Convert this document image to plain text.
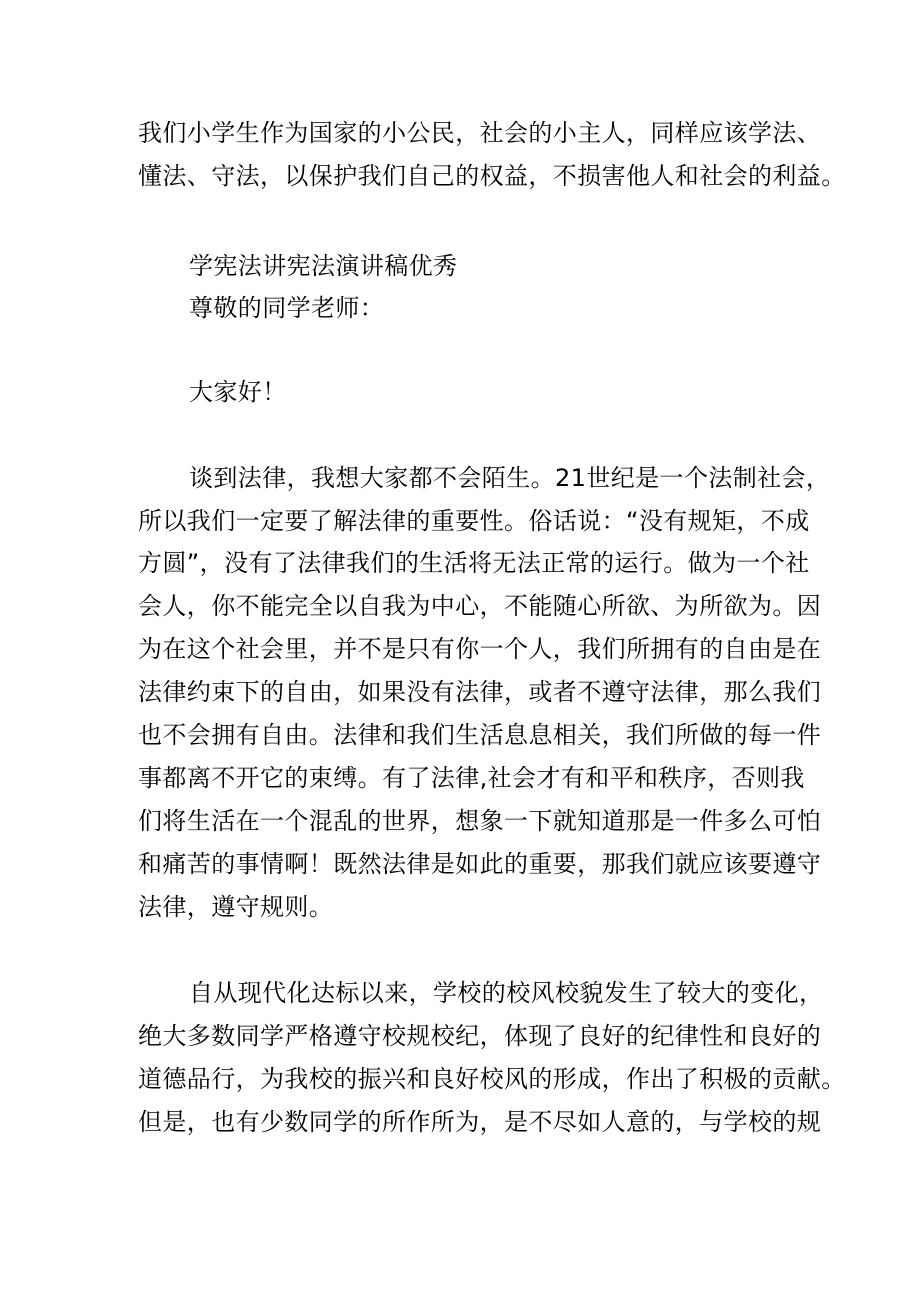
我们小学生作为国家的小公民，社会的小主人，同样应该学法、

懂法、守法，以保护我们自己的权益，不损害他人和社会的利益。

学宪法讲宪法演讲稿优秀

尊敬的同学老师：

大家好！

谈到法律，我想大家都不会陌生。21世纪是一个法制社会，

所以我们一定要了解法律的重要性。俗话说：“没有规矩，不成

方圆”，没有了法律我们的生活将无法正常的运行。做为一个社

会人，你不能完全以自我为中心，不能随心所欲、为所欲为。因

为在这个社会里，并不是只有你一个人，我们所拥有的自由是在

法律约束下的自由，如果没有法律，或者不遵守法律，那么我们

也不会拥有自由。法律和我们生活息息相关，我们所做的每一件

事都离不开它的束缚。有了法律,社会才有和平和秩序，否则我

们将生活在一个混乱的世界，想象一下就知道那是一件多么可怕

和痛苦的事情啊！既然法律是如此的重要，那我们就应该要遵守

法律，遵守规则。

自从现代化达标以来，学校的校风校貌发生了较大的变化，

绝大多数同学严格遵守校规校纪，体现了良好的纪律性和良好的

道德品行，为我校的振兴和良好校风的形成，作出了积极的贡献。

但是，也有少数同学的所作所为，是不尽如人意的，与学校的规
